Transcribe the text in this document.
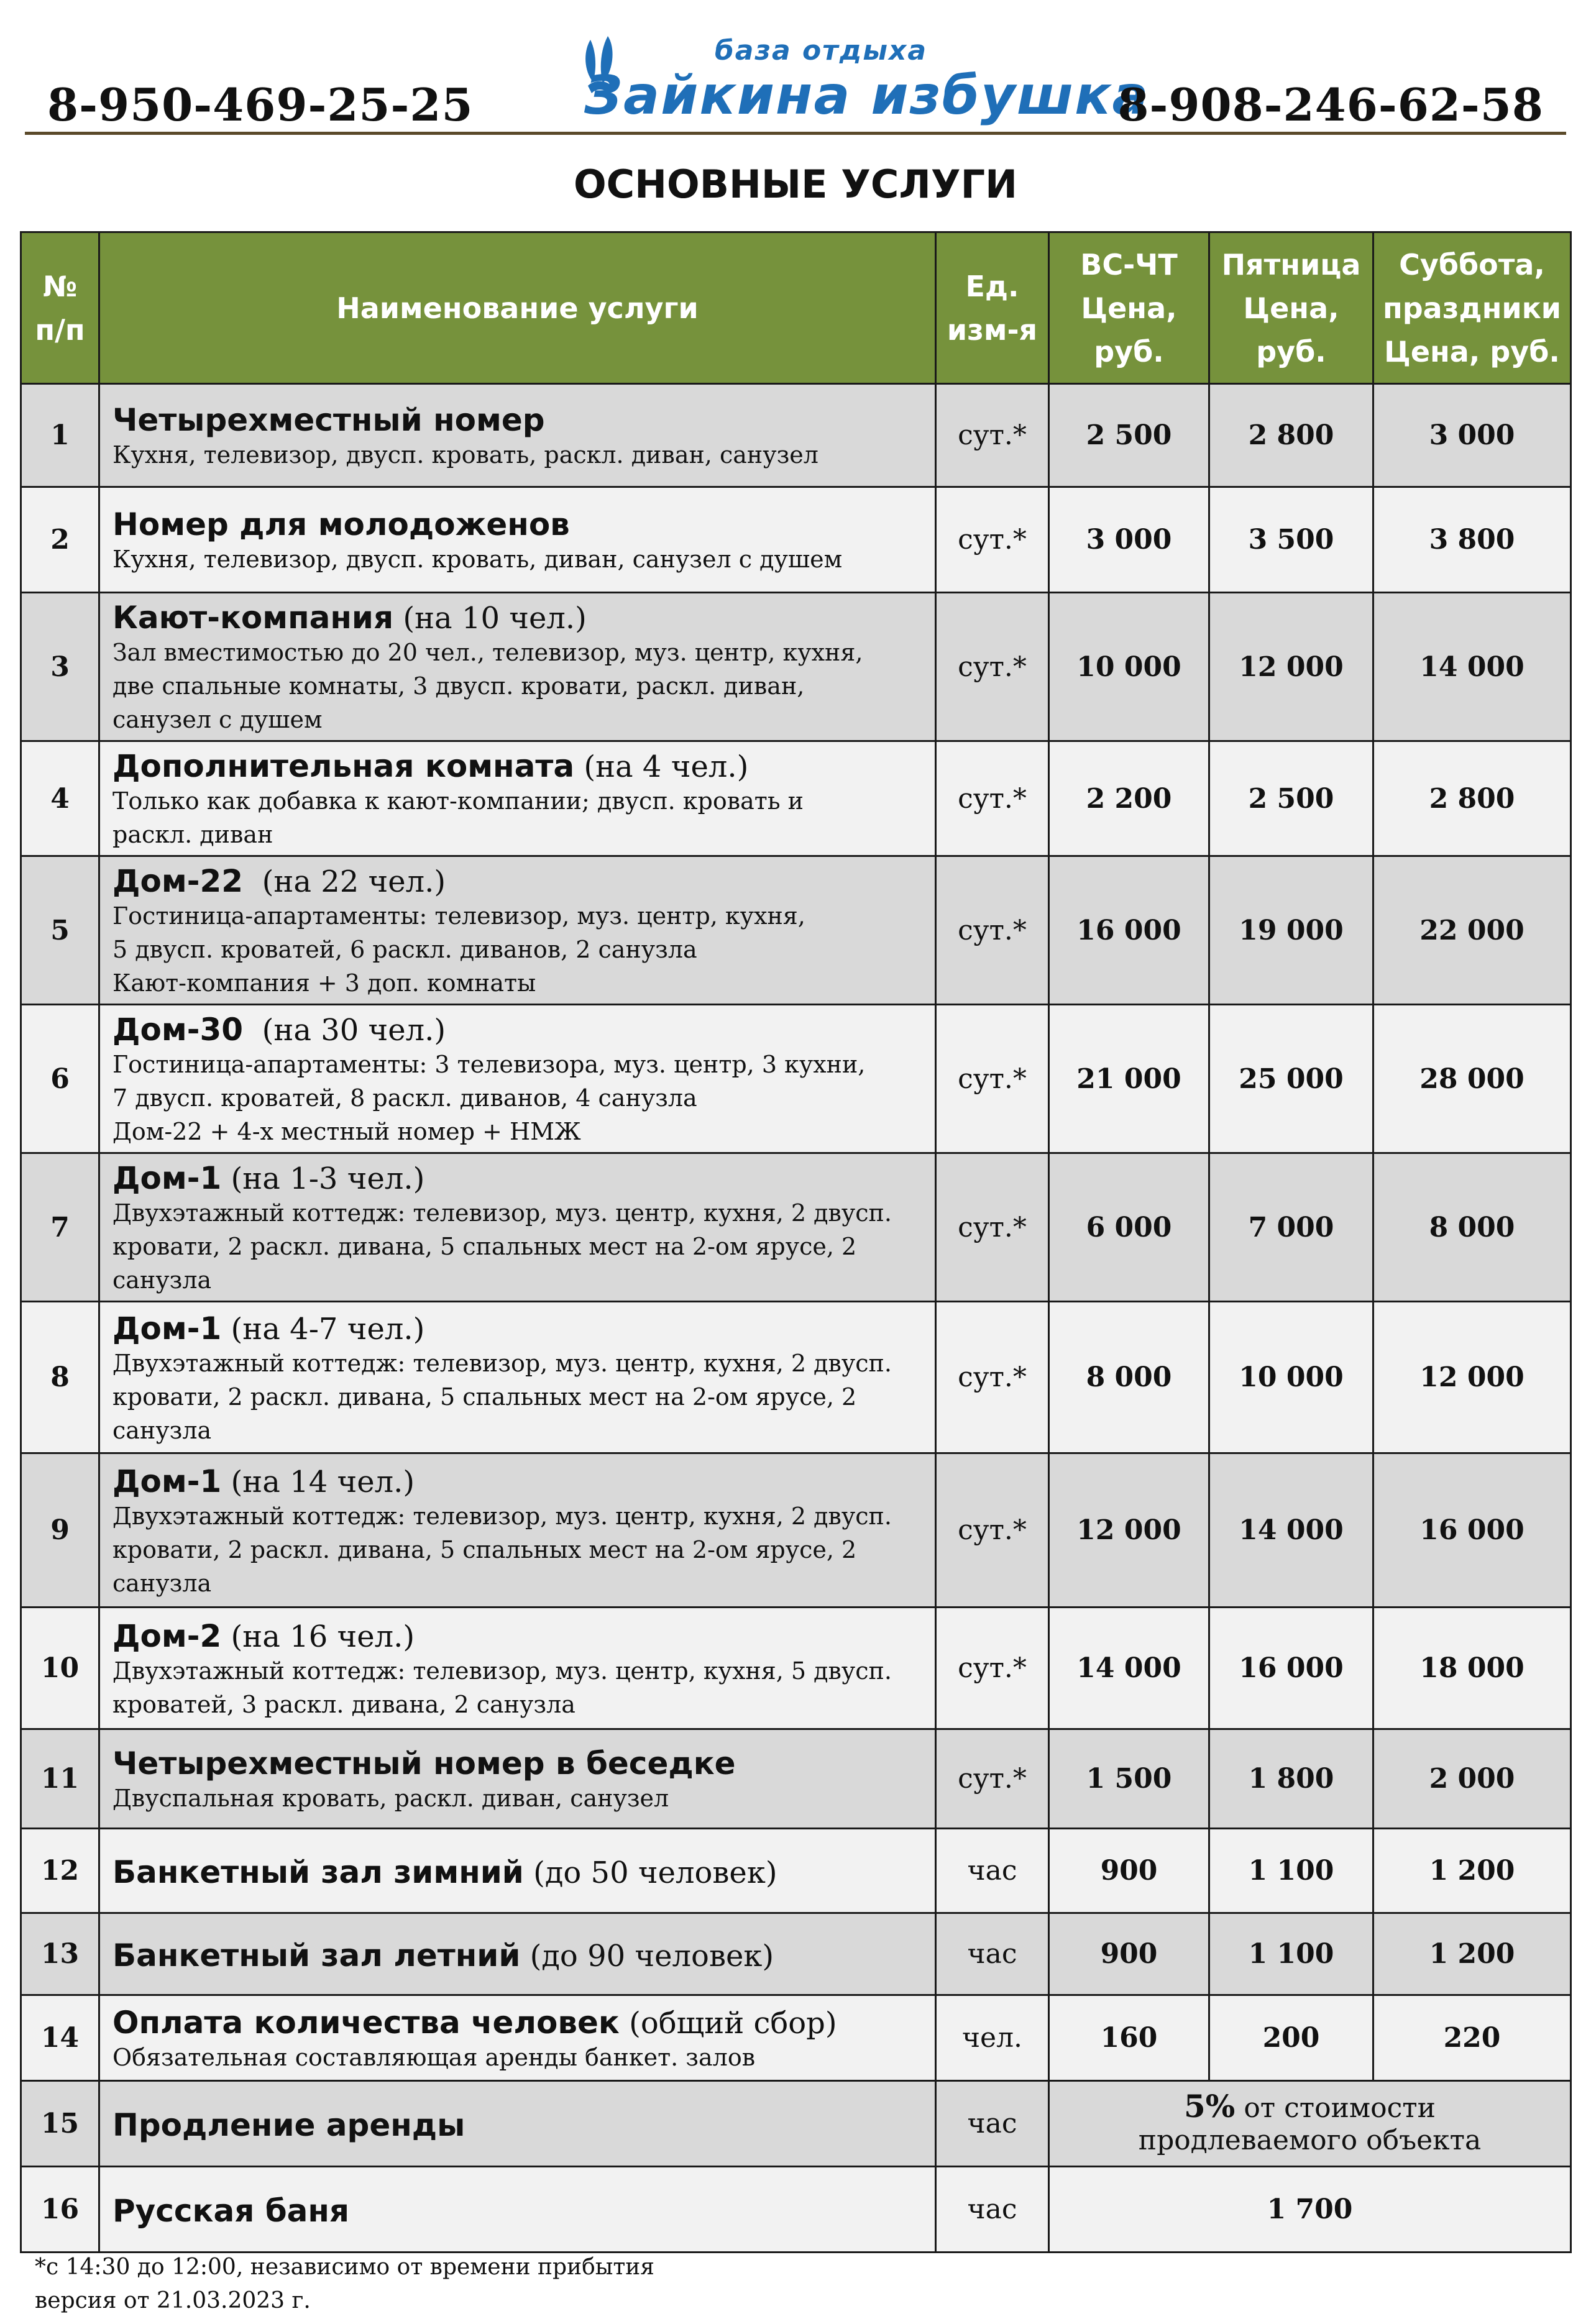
8-950-469-25-25
база отдыха
Зайкина избушка
8-908-246-62-58
ОСНОВНЫЕ УСЛУГИ
№
п/п	Наименование услуги	Ед.
изм-я	ВС-ЧТ
Цена,
руб.	Пятница
Цена,
руб.	Суббота,
праздники
Цена, руб.
1	Четырехместный номер
Кухня, телевизор, двусп. кровать, раскл. диван, санузел	сут.*	2 500	2 800	3 000
2	Номер для молодоженов
Кухня, телевизор, двусп. кровать, диван, санузел с душем	сут.*	3 000	3 500	3 800
3	Кают-компания (на 10 чел.)
Зал вместимостью до 20 чел., телевизор, муз. центр, кухня,
две спальные комнаты, 3 двусп. кровати, раскл. диван,
санузел с душем	сут.*	10 000	12 000	14 000
4	Дополнительная комната (на 4 чел.)
Только как добавка к кают-компании; двусп. кровать и
раскл. диван	сут.*	2 200	2 500	2 800
5	Дом-22  (на 22 чел.)
Гостиница-апартаменты: телевизор, муз. центр, кухня,
5 двусп. кроватей, 6 раскл. диванов, 2 санузла
Кают-компания + 3 доп. комнаты	сут.*	16 000	19 000	22 000
6	Дом-30  (на 30 чел.)
Гостиница-апартаменты: 3 телевизора, муз. центр, 3 кухни,
7 двусп. кроватей, 8 раскл. диванов, 4 санузла
Дом-22 + 4-х местный номер + НМЖ	сут.*	21 000	25 000	28 000
7	Дом-1 (на 1-3 чел.)
Двухэтажный коттедж: телевизор, муз. центр, кухня, 2 двусп.
кровати, 2 раскл. дивана, 5 спальных мест на 2-ом ярусе, 2
санузла	сут.*	6 000	7 000	8 000
8	Дом-1 (на 4-7 чел.)
Двухэтажный коттедж: телевизор, муз. центр, кухня, 2 двусп.
кровати, 2 раскл. дивана, 5 спальных мест на 2-ом ярусе, 2
санузла	сут.*	8 000	10 000	12 000
9	Дом-1 (на 14 чел.)
Двухэтажный коттедж: телевизор, муз. центр, кухня, 2 двусп.
кровати, 2 раскл. дивана, 5 спальных мест на 2-ом ярусе, 2
санузла	сут.*	12 000	14 000	16 000
10	Дом-2 (на 16 чел.)
Двухэтажный коттедж: телевизор, муз. центр, кухня, 5 двусп.
кроватей, 3 раскл. дивана, 2 санузла	сут.*	14 000	16 000	18 000
11	Четырехместный номер в беседке
Двуспальная кровать, раскл. диван, санузел	сут.*	1 500	1 800	2 000
12	Банкетный зал зимний (до 50 человек)	час	900	1 100	1 200
13	Банкетный зал летний (до 90 человек)	час	900	1 100	1 200
14	Оплата количества человек (общий сбор)
Обязательная составляющая аренды банкет. залов	чел.	160	200	220
15	Продление аренды	час	5% от стоимости
продлеваемого объекта		
16	Русская баня	час	1 700		
*с 14:30 до 12:00, независимо от времени прибытия
версия от 21.03.2023 г.
